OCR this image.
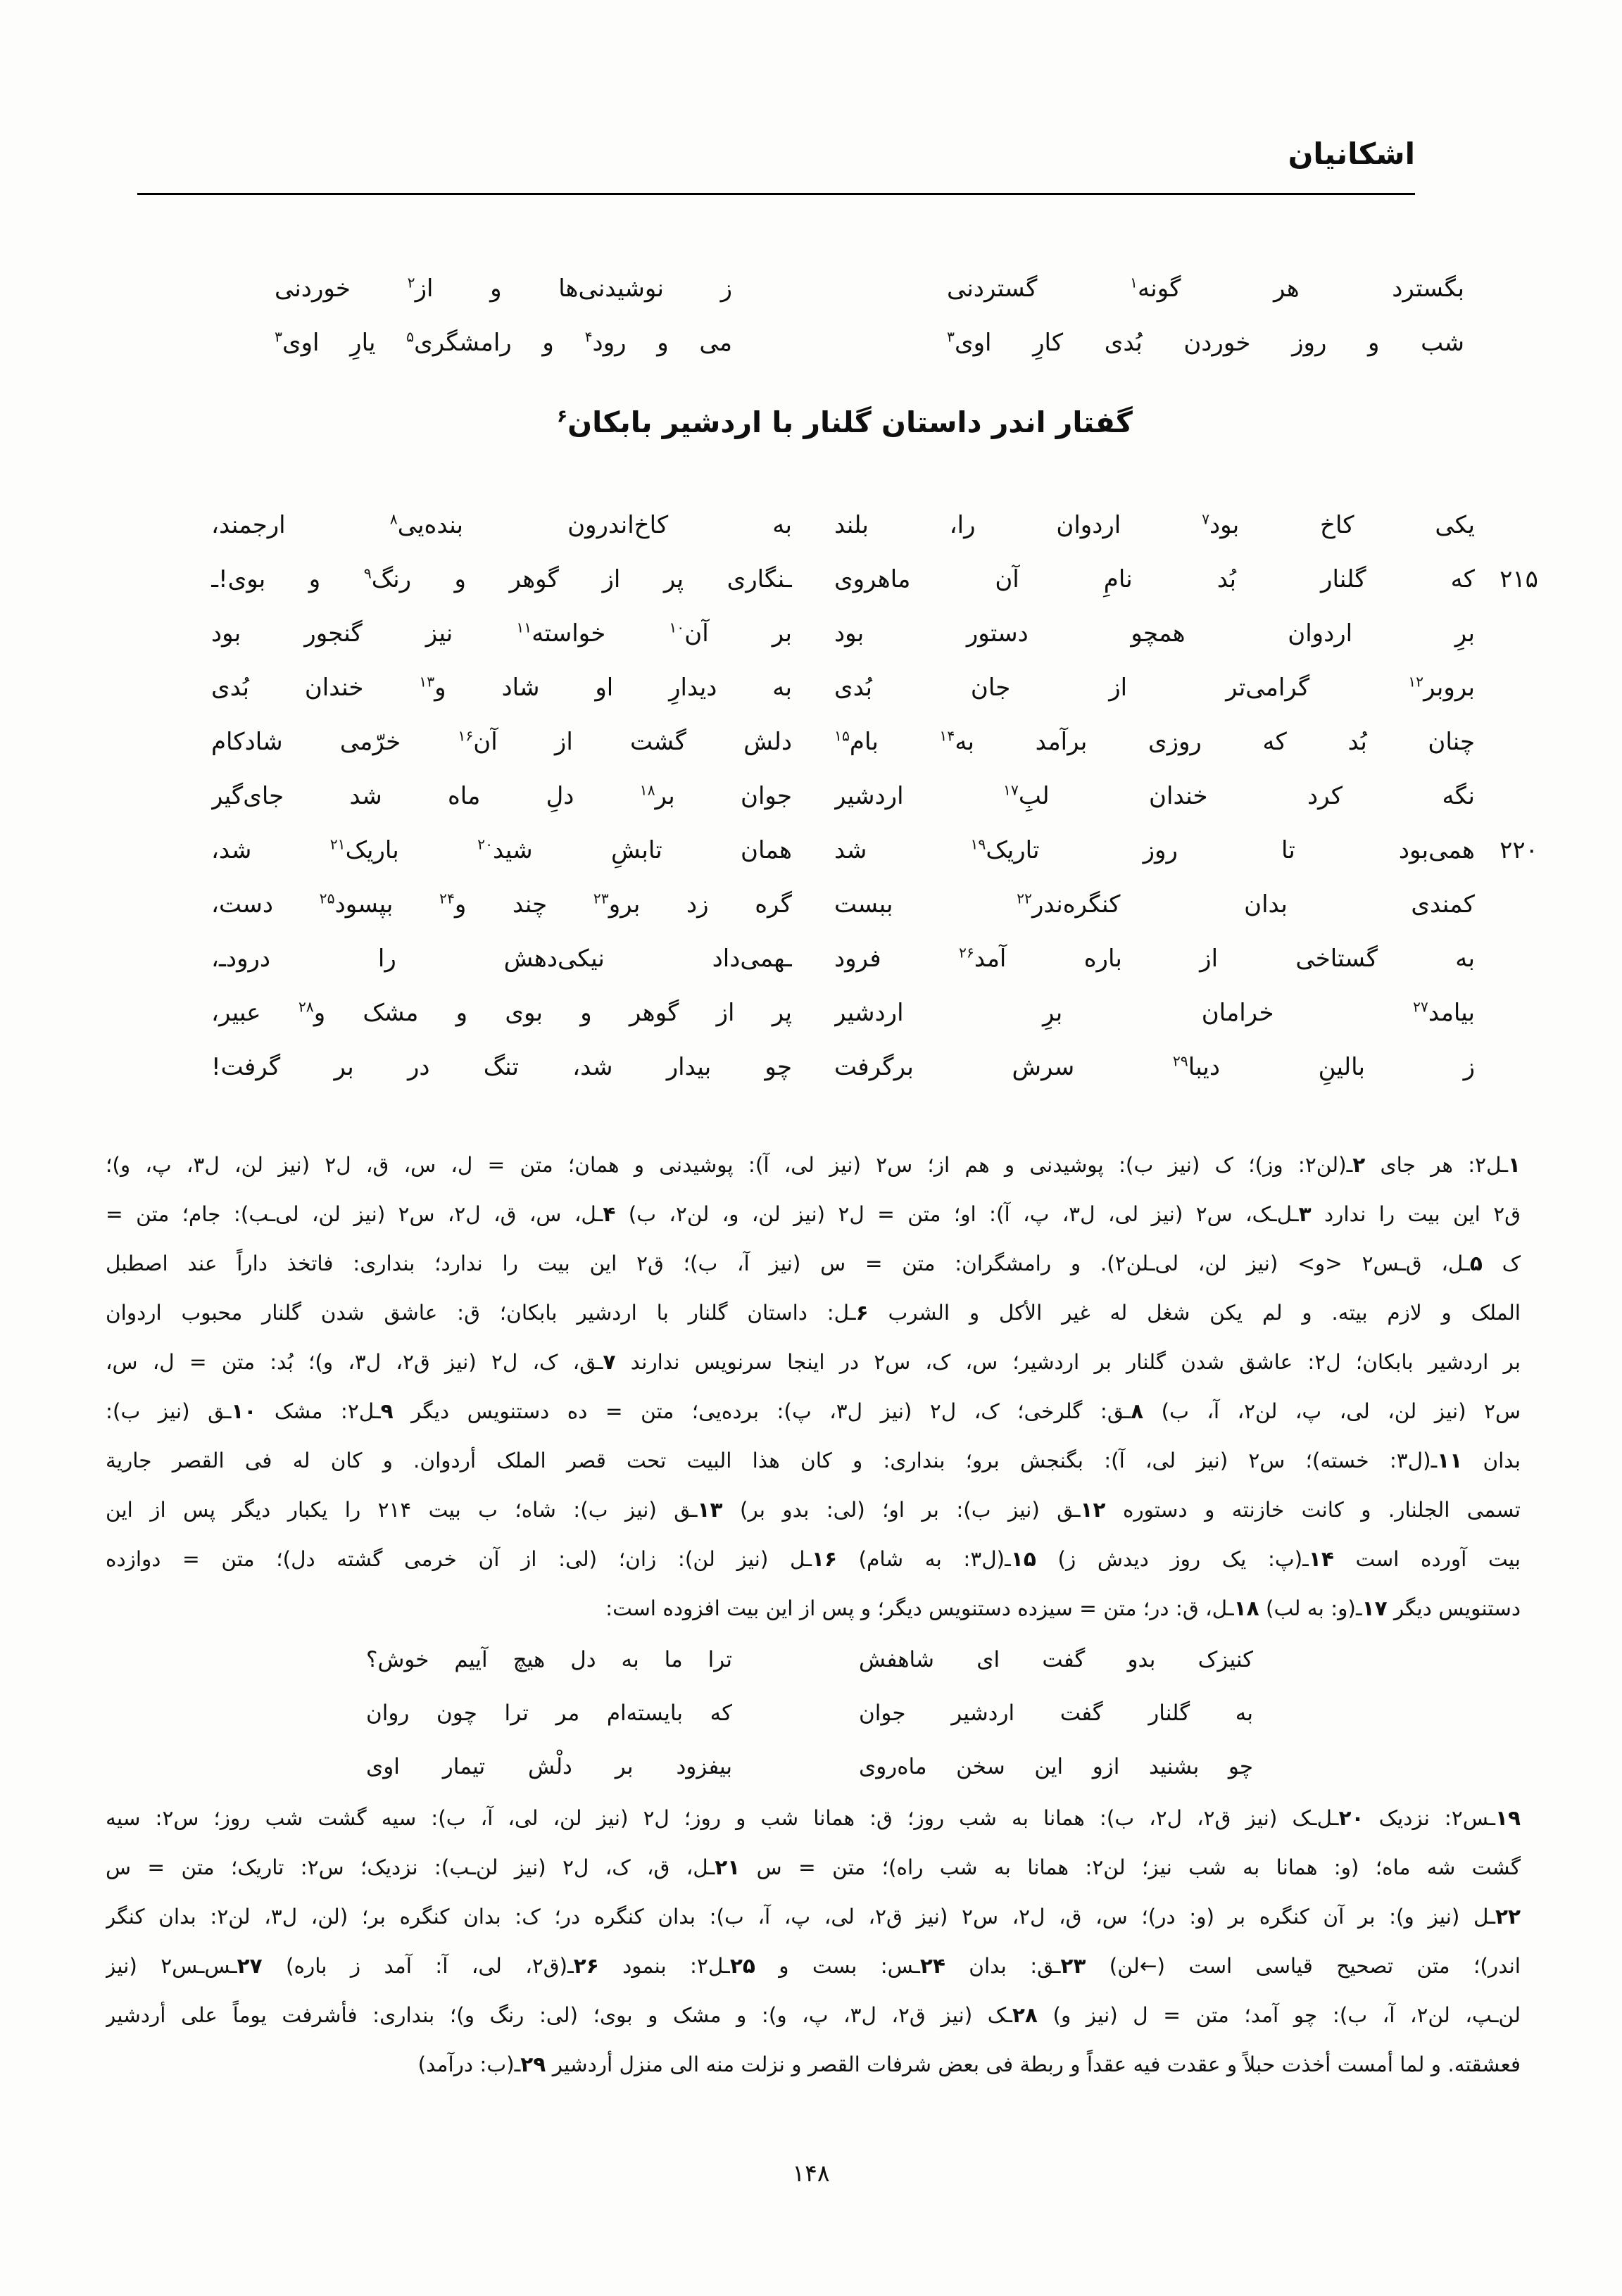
اشکانیان
بگسترد هر گونه$^۱$ گستردنی
ز نوشیدنی‌ها و از$^۲$ خوردنی
شب و روز خوردن بُدی کارِ اوی$^۳$
می و رود$^۴$ و رامشگری$^۵$ یارِ اوی$^۳$
گفتار اندر داستان گلنار با اردشیر بابکان$^۶$
یکی کاخ بود$^۷$ اردوان را، بلند
به کاخ‌اندرون بنده‌یی$^۸$ ارجمند،
۲۱۵
که گلنار بُد نامِ آن ماهروی
ـنگاری پر از گوهر و رنگ$^۹$ و بوی!ـ
برِ اردوان همچو دستور بود
بر آن$^{۱۰}$ خواسته$^{۱۱}$ نیز گنجور بود
بروبر$^{۱۲}$ گرامی‌تر از جان بُدی
به دیدارِ او شاد و$^{۱۳}$ خندان بُدی
چنان بُد که روزی برآمد به$^{۱۴}$ بام$^{۱۵}$
دلش گشت از آن$^{۱۶}$ خرّمی شادکام
نگه کرد خندان لبِ$^{۱۷}$ اردشیر
جوان بر$^{۱۸}$ دلِ ماه شد جای‌گیر
۲۲۰
همی‌بود تا روز تاریک$^{۱۹}$ شد
همان تابشِ شید$^{۲۰}$ باریک$^{۲۱}$ شد،
کمندی بدان کنگره‌ندر$^{۲۲}$ ببست
گره زد برو$^{۲۳}$ چند و$^{۲۴}$ بپسود$^{۲۵}$ دست،
به گستاخی از باره آمد$^{۲۶}$ فرود
ـهمی‌داد نیکی‌دهش را درودـ،
بیامد$^{۲۷}$ خرامان برِ اردشیر
پر از گوهر و بوی و مشک و$^{۲۸}$ عبیر،
ز بالینِ دیبا$^{۲۹}$ سرش برگرفت
چو بیدار شد، تنگ در بر گرفت!
۱ـل۲: هر جای ۲ـ(لن۲: وز)؛ ک (نیز ب): پوشیدنی و هم از؛ س۲ (نیز لی، آ): پوشیدنی و همان؛ متن = ل، س، ق، ل۲ (نیز لن، ل۳، پ، و)؛
ق۲ این بیت را ندارد ۳ـل‌ـک، س۲ (نیز لی، ل۳، پ، آ): او؛ متن = ل۲ (نیز لن، و، لن۲، ب) ۴ـل، س، ق، ل۲، س۲ (نیز لن، لی‌ـب): جام؛ متن =
ک ۵ـل، ق‌ـس۲ <و> (نیز لن، لی‌ـلن۲). و رامشگران: متن = س (نیز آ، ب)؛ ق۲ این بیت را ندارد؛ بنداری: فاتخذ داراً عند اصطبل
الملک و لازم بیته. و لم یکن شغل له غیر الأکل و الشرب ۶ـل: داستان گلنار با اردشیر بابکان؛ ق: عاشق شدن گلنار محبوب اردوان
بر اردشیر بابکان؛ ل۲: عاشق شدن گلنار بر اردشیر؛ س، ک، س۲ در اینجا سرنویس ندارند ۷ـق، ک، ل۲ (نیز ق۲، ل۳، و)؛ بُد: متن = ل، س،
س۲ (نیز لن، لی، پ، لن۲، آ، ب) ۸ـق: گلرخی؛ ک، ل۲ (نیز ل۳، پ): برده‌یی؛ متن = ده دستنویس دیگر ۹ـل۲: مشک ۱۰ـق (نیز ب):
بدان ۱۱ـ(ل۳: خسته)؛ س۲ (نیز لی، آ): بگنجش برو؛ بنداری: و کان هذا البیت تحت قصر الملک أردوان. و کان له فی القصر جاریة
تسمی الجلنار. و کانت خازنته و دستوره ۱۲ـق (نیز ب): بر او؛ (لی: بدو بر) ۱۳ـق (نیز ب): شاه؛ ب بیت ۲۱۴ را یکبار دیگر پس از این
بیت آورده است ۱۴ـ(پ: یک روز دیدش ز) ۱۵ـ(ل۳: به شام) ۱۶ـل (نیز لن): زان؛ (لی: از آن خرمی گشته دل)؛ متن = دوازده
دستنویس دیگر ۱۷ـ(و: به لب) ۱۸ـل، ق: در؛ متن = سیزده دستنویس دیگر؛ و پس از این بیت افزوده است:
کنیزک بدو گفت ای شاهفش
ترا ما به دل هیچ آییم خوش؟
به گلنار گفت اردشیر جوان
که بایسته‌ام مر ترا چون روان
چو بشنید ازو این سخن ماه‌روی
بیفزود بر دلْش تیمار اوی
۱۹ـس۲: نزدیک ۲۰ـل‌ـک (نیز ق۲، ل۲، ب): همانا به شب روز؛ ق: همانا شب و روز؛ ل۲ (نیز لن، لی، آ، ب): سیه گشت شب روز؛ س۲: سیه
گشت شه ماه؛ (و: همانا به شب نیز؛ لن۲: همانا به شب راه)؛ متن = س ۲۱ـل، ق، ک، ل۲ (نیز لن‌ـب): نزدیک؛ س۲: تاریک؛ متن = س
۲۲ـل (نیز و): بر آن کنگره بر (و: در)؛ س، ق، ل۲، س۲ (نیز ق۲، لی، پ، آ، ب): بدان کنگره در؛ ک: بدان کنگره بر؛ (لن، ل۳، لن۲: بدان کنگر
اندر)؛ متن تصحیح قیاسی است (←لن) ۲۳ـق: بدان ۲۴ـس: بست و ۲۵ـل۲: بنمود ۲۶ـ(ق۲، لی، آ: آمد ز باره) ۲۷ـس‌ـس۲ (نیز
لن‌ـپ، لن۲، آ، ب): چو آمد؛ متن = ل (نیز و) ۲۸ـک (نیز ق۲، ل۳، پ، و): و مشک و بوی؛ (لی: رنگ و)؛ بنداری: فأشرفت یوماً علی أردشیر
فعشقته. و لما أمست أخذت حبلاً و عقدت فیه عقداً و ربطة فی بعض شرفات القصر و نزلت منه الی منزل أردشیر ۲۹ـ(ب: درآمد)
۱۴۸
